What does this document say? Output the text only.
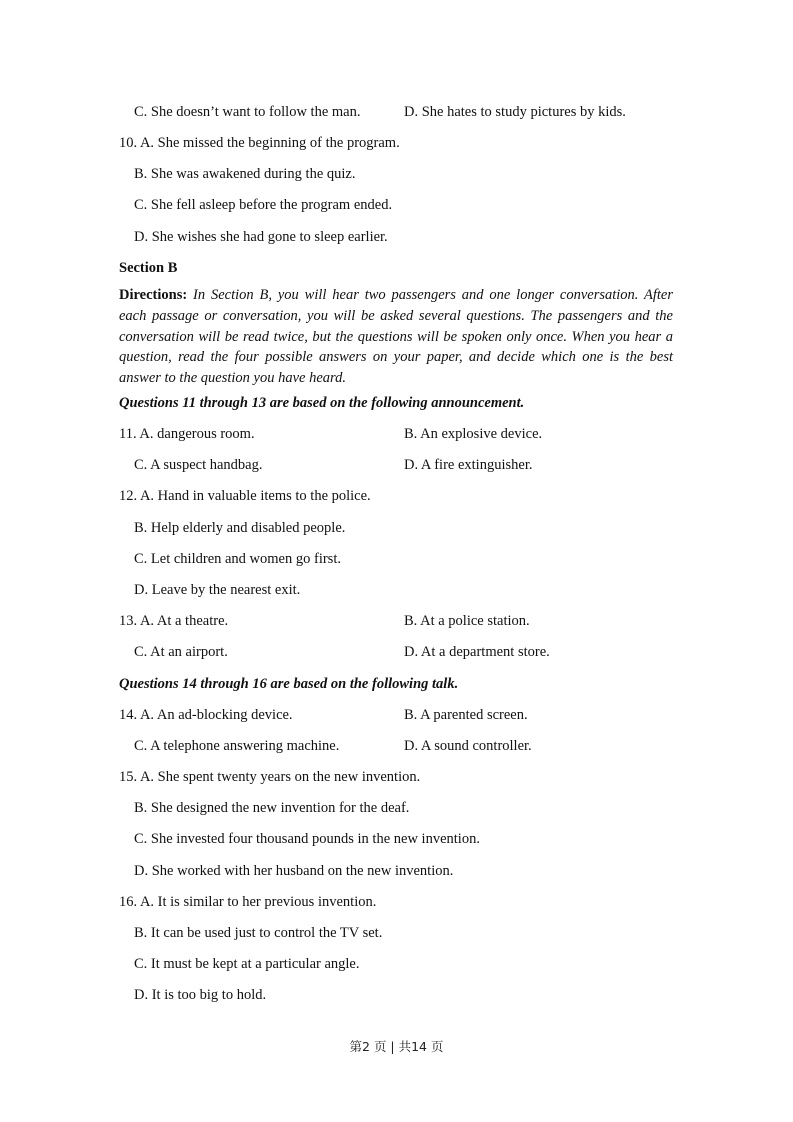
C. She doesn’t want to follow the man.	D. She hates to study pictures by kids.
10. A. She missed the beginning of the program.
B. She was awakened during the quiz.
C. She fell asleep before the program ended.
D. She wishes she had gone to sleep earlier.
Section B
Directions: In Section B, you will hear two passengers and one longer conversation. After each passage or conversation, you will be asked several questions. The passengers and the conversation will be read twice, but the questions will be spoken only once. When you hear a question, read the four possible answers on your paper, and decide which one is the best answer to the question you have heard.
Questions 11 through 13 are based on the following announcement.
11. A. dangerous room.	B. An explosive device.
C. A suspect handbag.	D. A fire extinguisher.
12. A. Hand in valuable items to the police.
B. Help elderly and disabled people.
C. Let children and women go first.
D. Leave by the nearest exit.
13. A. At a theatre.	B. At a police station.
C. At an airport.	D. At a department store.
Questions 14 through 16 are based on the following talk.
14. A. An ad-blocking device.	B. A parented screen.
C. A telephone answering machine.	D. A sound controller.
15. A. She spent twenty years on the new invention.
B. She designed the new invention for the deaf.
C. She invested four thousand pounds in the new invention.
D. She worked with her husband on the new invention.
16. A. It is similar to her previous invention.
B. It can be used just to control the TV set.
C. It must be kept at a particular angle.
D. It is too big to hold.
第2 页 | 共14 页
